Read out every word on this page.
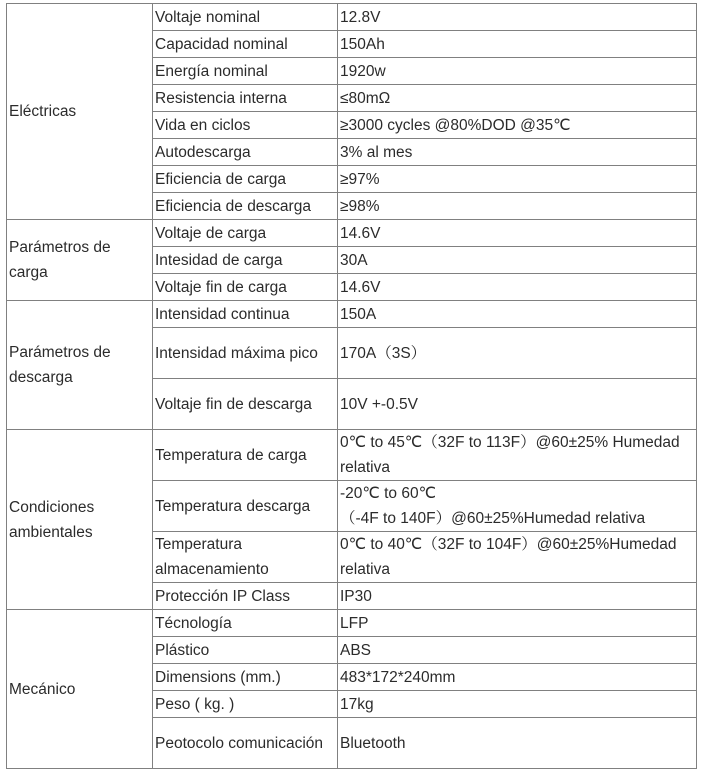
Eléctricas	Voltaje nominal	12.8V
	Capacidad nominal	150Ah
	Energía nominal	1920w
	Resistencia interna	≤80mΩ
	Vida en ciclos	≥3000 cycles @80%DOD @35℃
	Autodescarga	3% al mes
	Eficiencia de carga	≥97%
	Eficiencia de descarga	≥98%
Parámetros de carga	Voltaje de carga	14.6V
	Intesidad de carga	30A
	Voltaje fin de carga	14.6V
Parámetros de descarga	Intensidad continua	150A
	Intensidad máxima pico	170A（3S）
	Voltaje fin de descarga	10V +-0.5V
Condiciones ambientales	Temperatura de carga	0℃ to 45℃（32F to 113F）@60±25% Humedad relativa
	Temperatura descarga	-20℃ to 60℃
（-4F to 140F）@60±25%Humedad relativa
	Temperatura almacenamiento	0℃ to 40℃（32F to 104F）@60±25%Humedad relativa
	Protección IP Class	IP30
Mecánico	Técnología	LFP
	Plástico	ABS
	Dimensions (mm.)	483*172*240mm
	Peso ( kg. )	17kg
	Peotocolo comunicación	Bluetooth
